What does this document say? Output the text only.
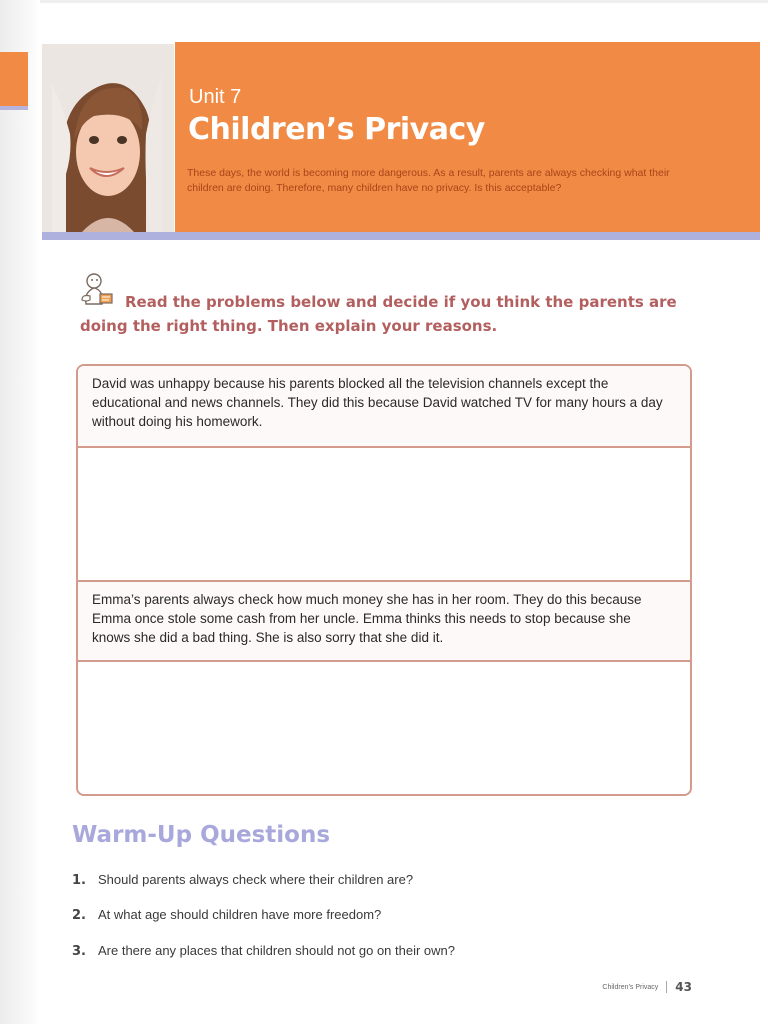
Unit 7
Children’s Privacy
These days, the world is becoming more dangerous. As a result, parents are always checking what their children are doing. Therefore, many children have no privacy. Is this acceptable?
Read the problems below and decide if you think the parents are doing the right thing. Then explain your reasons.
David was unhappy because his parents blocked all the television channels except the educational and news channels. They did this because David watched TV for many hours a day without doing his homework.
Emma’s parents always check how much money she has in her room. They do this because Emma once stole some cash from her uncle. Emma thinks this needs to stop because she knows she did a bad thing. She is also sorry that she did it.
Warm-Up Questions
1. Should parents always check where their children are?
2. At what age should children have more freedom?
3. Are there any places that children should not go on their own?
Children’s Privacy 43
